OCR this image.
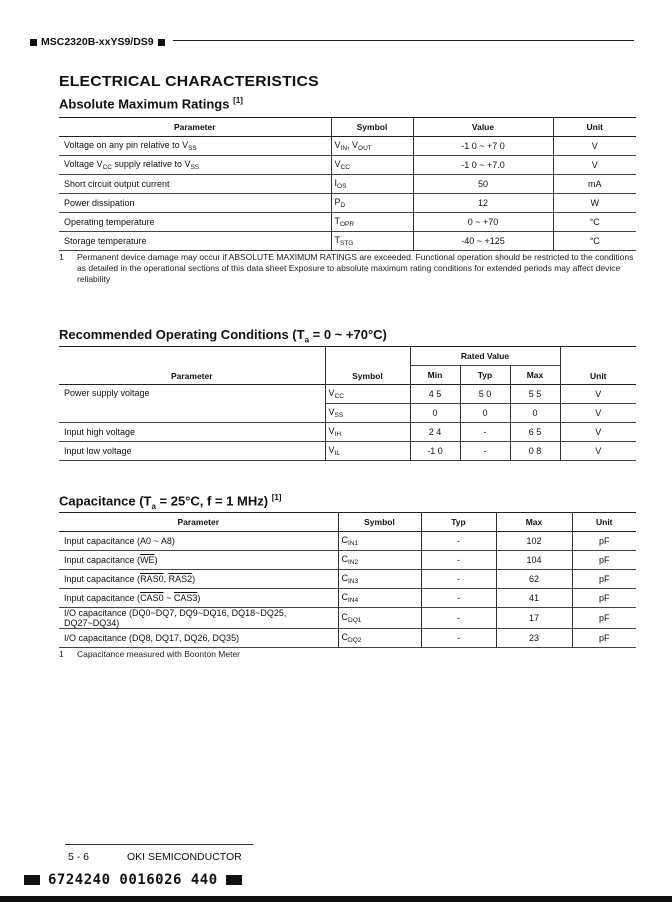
MSC2320B-xxYS9/DS9
ELECTRICAL CHARACTERISTICS
Absolute Maximum Ratings [1]
Parameter	Symbol	Value	Unit
Voltage on any pin relative to $V_{SS}$	$V_{IN}$, $V_{OUT}$	-1 0 ~ +7 0	V
Voltage $V_{CC}$ supply relative to $V_{SS}$	$V_{CC}$	-1 0 ~ +7.0	V
Short circuit output current	$I_{OS}$	50	mA
Power dissipation	$P_D$	12	W
Operating temperature	$T_{OPR}$	0 ~ +70	°C
Storage temperature	$T_{STG}$	-40 ~ +125	°C
1	Permanent device damage may occur if ABSOLUTE MAXIMUM RATINGS are exceeded. Functional operation should be restricted to the conditions as detailed in the operational sections of this data sheet Exposure to absolute maximum rating conditions for extended periods may affect device reliability
Recommended Operating Conditions ($T_a = 0$ ~ +70°C)
Parameter	Symbol	Rated Value			Unit
		Min	Typ	Max	
Power supply voltage	$V_{CC}$	4 5	5 0	5 5	V
	$V_{SS}$	0	0	0	V
Input high voltage	$V_{IH}$	2 4	-	6 5	V
Input low voltage	$V_{IL}$	-1 0	-	0 8	V
Capacitance ($T_a = 25^\circ C$, f = 1 MHz) [1]
Parameter	Symbol	Typ	Max	Unit
Input capacitance (A0 ~ A8)	$C_{IN1}$	-	102	pF
Input capacitance $(\overline{WE})$	$C_{IN2}$	-	104	pF
Input capacitance (RAS0, RAS2)	$C_{IN3}$	-	62	pF
Input capacitance (CAS0 ~ CAS3)	$C_{IN4}$	-	41	pF
I/O capacitance (DQ0~DQ7, DQ9~DQ16, DQ18~DQ25, DQ27~DQ34)	$C_{DQ1}$	-	17	pF
I/O capacitance (DQ8, DQ17, DQ26, DQ35)	$C_{DQ2}$	-	23	pF
1	Capacitance measured with Boonton Meter
5 - 6	OKI SEMICONDUCTOR
6724240 0016026 440
